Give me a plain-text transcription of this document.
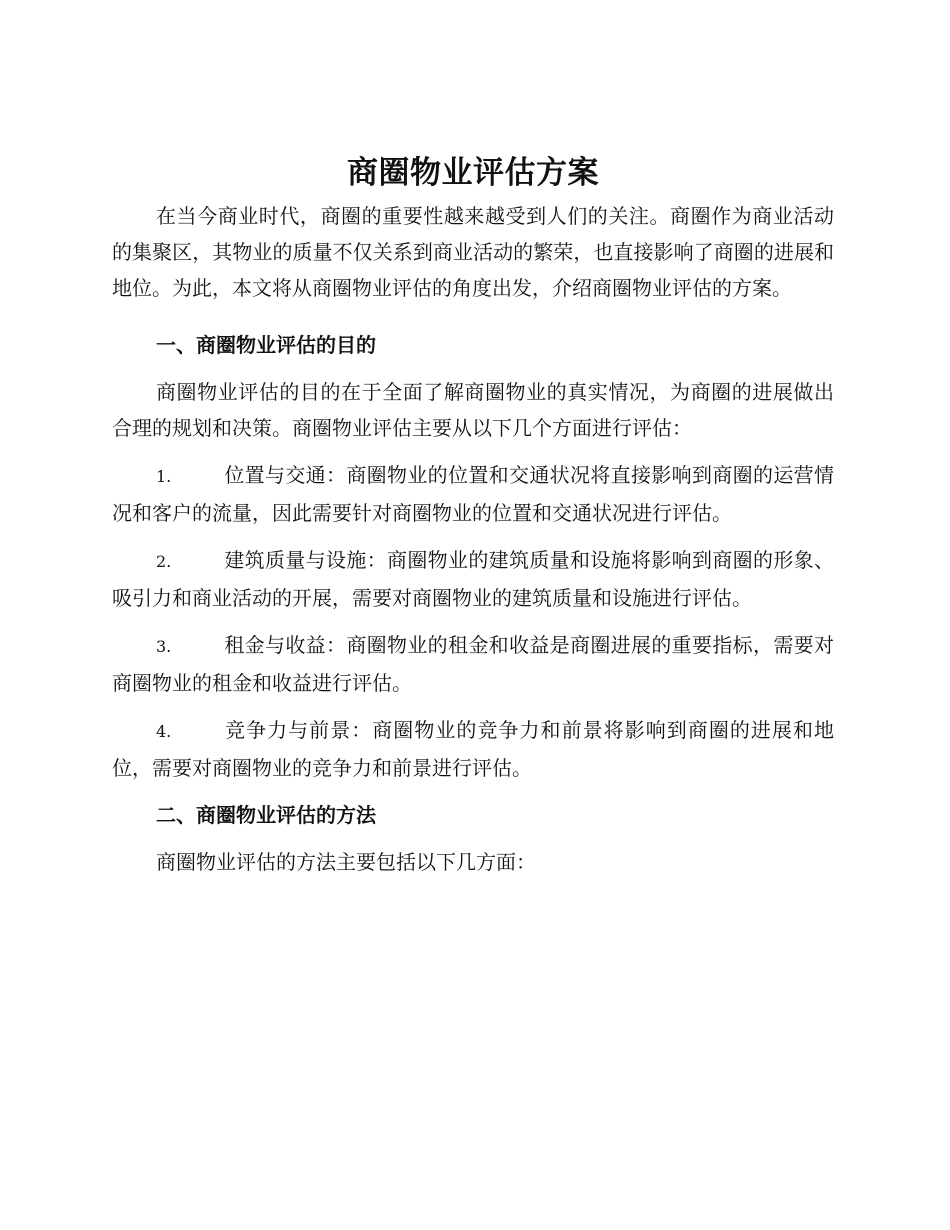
商圈物业评估方案

在当今商业时代，商圈的重要性越来越受到人们的关注。商圈作为商业活动的集聚区，其物业的质量不仅关系到商业活动的繁荣，也直接影响了商圈的进展和地位。为此，本文将从商圈物业评估的角度出发，介绍商圈物业评估的方案。

一、商圈物业评估的目的

商圈物业评估的目的在于全面了解商圈物业的真实情况，为商圈的进展做出合理的规划和决策。商圈物业评估主要从以下几个方面进行评估：

1.	位置与交通：商圈物业的位置和交通状况将直接影响到商圈的运营情况和客户的流量，因此需要针对商圈物业的位置和交通状况进行评估。
2.	建筑质量与设施：商圈物业的建筑质量和设施将影响到商圈的形象、吸引力和商业活动的开展，需要对商圈物业的建筑质量和设施进行评估。
3.	租金与收益：商圈物业的租金和收益是商圈进展的重要指标，需要对商圈物业的租金和收益进行评估。
4.	竞争力与前景：商圈物业的竞争力和前景将影响到商圈的进展和地位，需要对商圈物业的竞争力和前景进行评估。
二、商圈物业评估的方法

商圈物业评估的方法主要包括以下几方面：
